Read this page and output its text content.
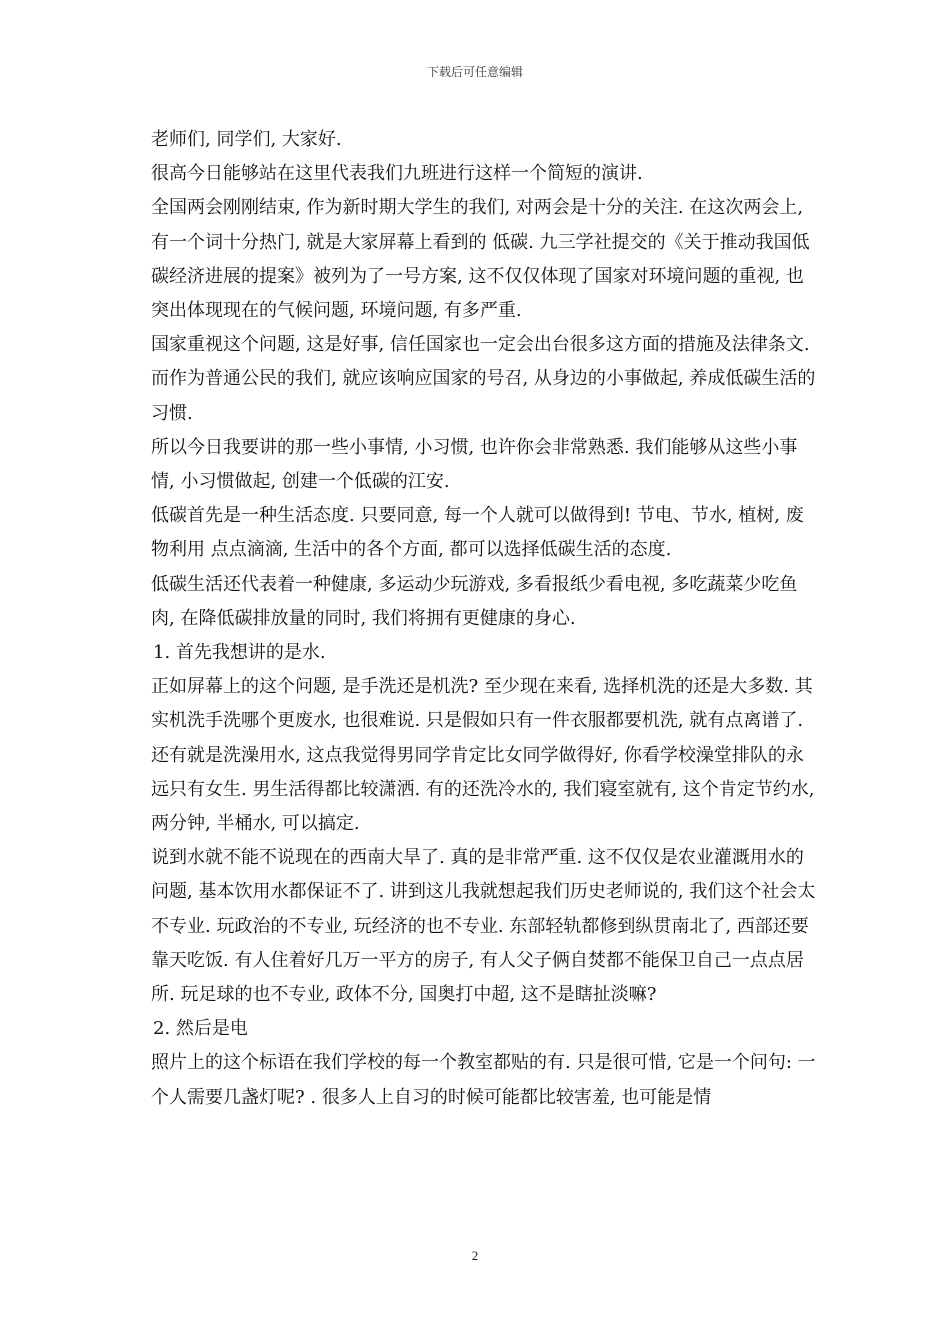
下载后可任意编辑

老师们, 同学们, 大家好.

很高今日能够站在这里代表我们九班进行这样一个简短的演讲.

全国两会刚刚结束, 作为新时期大学生的我们, 对两会是十分的关注. 在这次两会上, 有一个词十分热门, 就是大家屏幕上看到的 低碳. 九三学社提交的《关于推动我国低碳经济进展的提案》被列为了一号方案, 这不仅仅体现了国家对环境问题的重视, 也突出体现现在的气候问题, 环境问题, 有多严重.

国家重视这个问题, 这是好事, 信任国家也一定会出台很多这方面的措施及法律条文. 而作为普通公民的我们, 就应该响应国家的号召, 从身边的小事做起, 养成低碳生活的习惯.

所以今日我要讲的那一些小事情, 小习惯, 也许你会非常熟悉. 我们能够从这些小事情, 小习惯做起, 创建一个低碳的江安.

低碳首先是一种生活态度. 只要同意, 每一个人就可以做得到! 节电、节水, 植树, 废物利用 点点滴滴, 生活中的各个方面, 都可以选择低碳生活的态度.

低碳生活还代表着一种健康, 多运动少玩游戏, 多看报纸少看电视, 多吃蔬菜少吃鱼肉, 在降低碳排放量的同时, 我们将拥有更健康的身心.

1. 首先我想讲的是水.

正如屏幕上的这个问题, 是手洗还是机洗? 至少现在来看, 选择机洗的还是大多数. 其实机洗手洗哪个更废水, 也很难说. 只是假如只有一件衣服都要机洗, 就有点离谱了.

还有就是洗澡用水, 这点我觉得男同学肯定比女同学做得好, 你看学校澡堂排队的永远只有女生. 男生活得都比较潇洒. 有的还洗冷水的, 我们寝室就有, 这个肯定节约水, 两分钟, 半桶水, 可以搞定.

说到水就不能不说现在的西南大旱了. 真的是非常严重. 这不仅仅是农业灌溉用水的问题, 基本饮用水都保证不了. 讲到这儿我就想起我们历史老师说的, 我们这个社会太不专业. 玩政治的不专业, 玩经济的也不专业. 东部轻轨都修到纵贯南北了, 西部还要靠天吃饭. 有人住着好几万一平方的房子, 有人父子俩自焚都不能保卫自己一点点居所. 玩足球的也不专业, 政体不分, 国奥打中超, 这不是瞎扯淡嘛?

2. 然后是电

照片上的这个标语在我们学校的每一个教室都贴的有. 只是很可惜, 它是一个问句: 一个人需要几盏灯呢? . 很多人上自习的时候可能都比较害羞, 也可能是情

2
